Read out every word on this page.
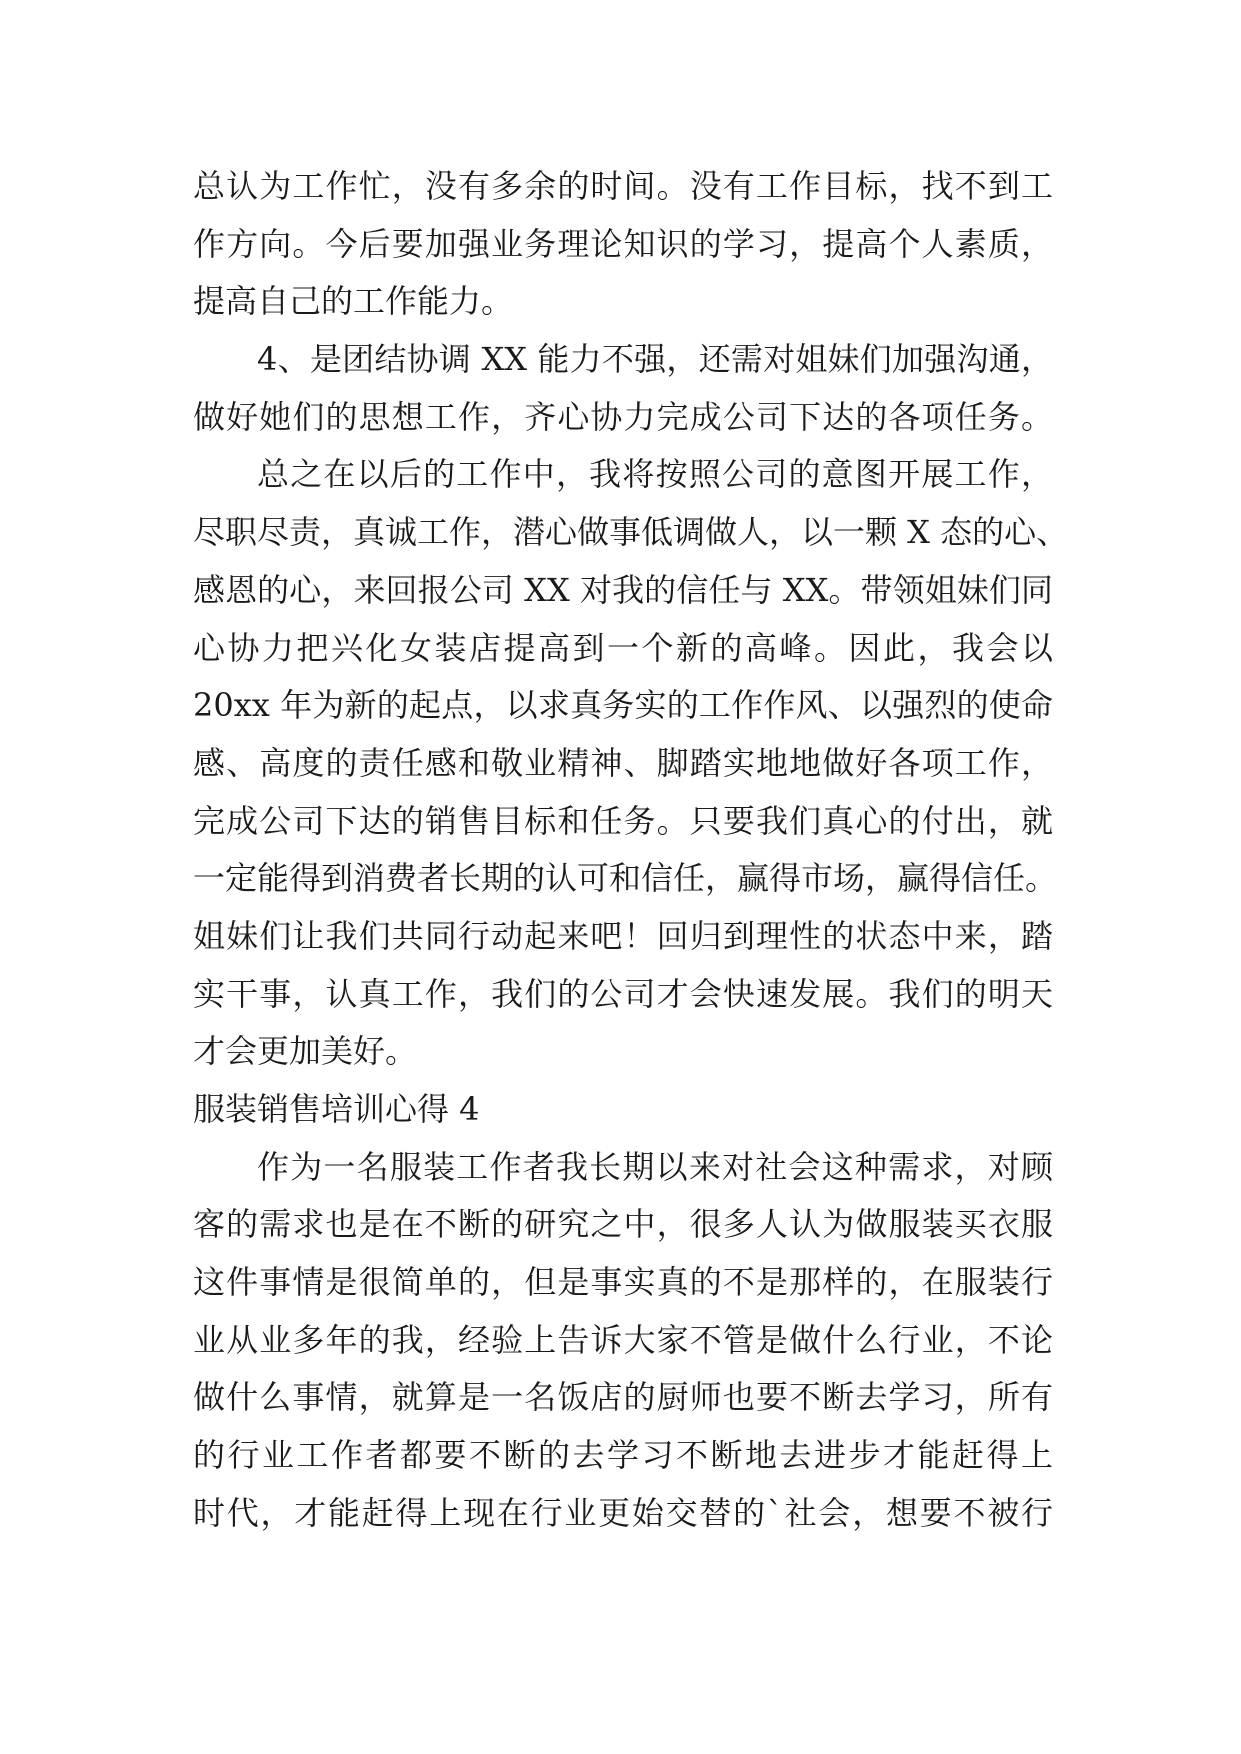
总认为工作忙，没有多余的时间。没有工作目标，找不到工
作方向。今后要加强业务理论知识的学习，提高个人素质，
提高自己的工作能力。
4、是团结协调 XX 能力不强，还需对姐妹们加强沟通，
做好她们的思想工作，齐心协力完成公司下达的各项任务。
总之在以后的工作中，我将按照公司的意图开展工作，
尽职尽责，真诚工作，潜心做事低调做人，以一颗 X 态的心、
感恩的心，来回报公司 XX 对我的信任与 XX。带领姐妹们同
心协力把兴化女装店提高到一个新的高峰。因此，我会以
20xx 年为新的起点，以求真务实的工作作风、以强烈的使命
感、高度的责任感和敬业精神、脚踏实地地做好各项工作，
完成公司下达的销售目标和任务。只要我们真心的付出，就
一定能得到消费者长期的认可和信任，赢得市场，赢得信任。
姐妹们让我们共同行动起来吧！回归到理性的状态中来，踏
实干事，认真工作，我们的公司才会快速发展。我们的明天
才会更加美好。
服装销售培训心得 4
作为一名服装工作者我长期以来对社会这种需求，对顾
客的需求也是在不断的研究之中，很多人认为做服装买衣服
这件事情是很简单的，但是事实真的不是那样的，在服装行
业从业多年的我，经验上告诉大家不管是做什么行业，不论
做什么事情，就算是一名饭店的厨师也要不断去学习，所有
的行业工作者都要不断的去学习不断地去进步才能赶得上
时代，才能赶得上现在行业更始交替的`社会，想要不被行
